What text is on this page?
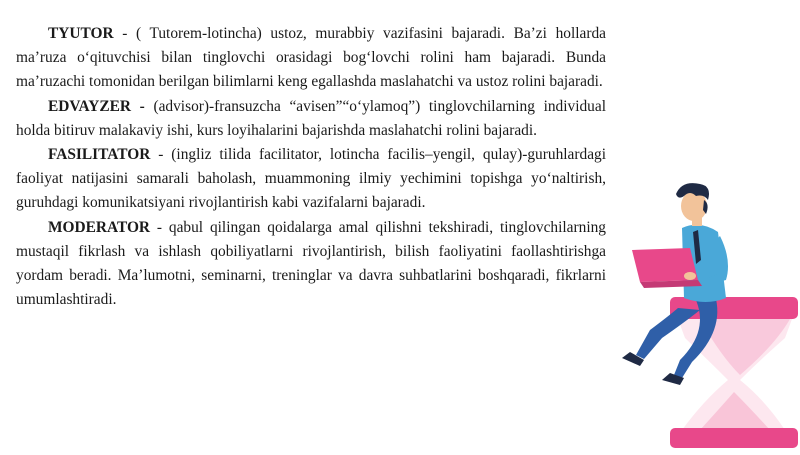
TYUTOR - ( Tutorem-lotincha) ustoz, murabbiy vazifasini bajaradi. Ba’zi hollarda ma’ruza o‘qituvchisi bilan tinglovchi orasidagi bog‘lovchi rolini ham bajaradi. Bunda ma’ruzachi tomonidan berilgan bilimlarni keng egallashda maslahatchi va ustoz rolini bajaradi.

EDVAYZER - (advisor)-fransuzcha “avisen”“o‘ylamoq”) tinglovchilarning individual holda bitiruv malakaviy ishi, kurs loyihalarini bajarishda maslahatchi rolini bajaradi.

FASILITATOR - (ingliz tilida facilitator, lotincha facilis–yengil, qulay)-guruhlardagi faoliyat natijasini samarali baholash, muammoning ilmiy yechimini topishga yo‘naltirish, guruhdagi komunikatsiyani rivojlantirish kabi vazifalarni bajaradi.

MODERATOR - qabul qilingan qoidalarga amal qilishni tekshiradi, tinglovchilarning mustaqil fikrlash va ishlash qobiliyatlarni rivojlantirish, bilish faoliyatini faollashtirishga yordam beradi. Ma’lumotni, seminarni, treninglar va davra suhbatlarini boshqaradi, fikrlarni umumlashtiradi.
